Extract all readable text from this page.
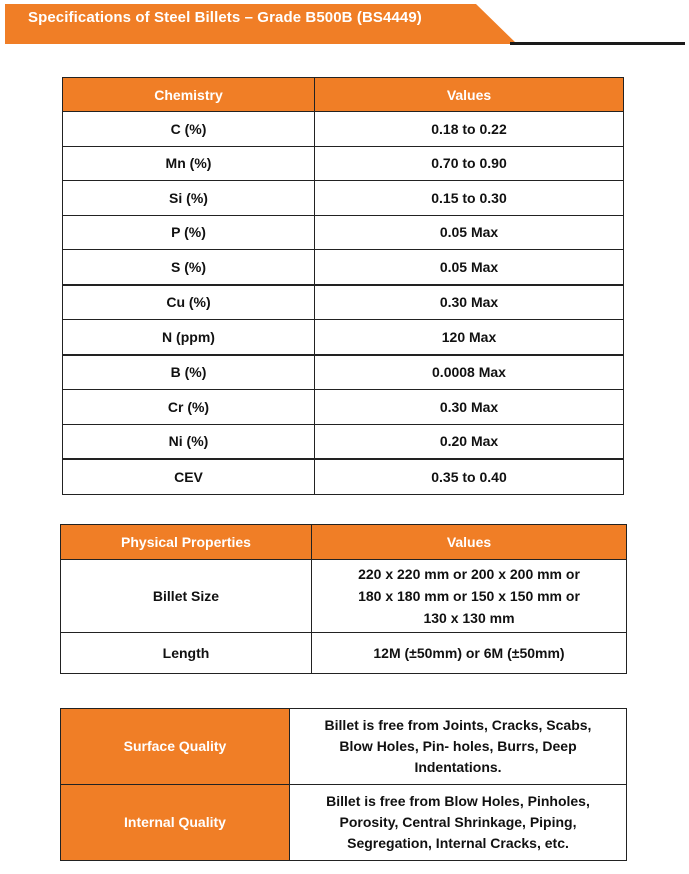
Specifications of Steel Billets – Grade B500B (BS4449)
Chemistry	Values
C (%)	0.18 to 0.22
Mn (%)	0.70 to 0.90
Si (%)	0.15 to 0.30
P (%)	0.05 Max
S (%)	0.05 Max
Cu (%)	0.30 Max
N (ppm)	120 Max
B (%)	0.0008 Max
Cr (%)	0.30 Max
Ni (%)	0.20 Max
CEV	0.35 to 0.40
Physical Properties	Values
Billet Size	220 x 220 mm or 200 x 200 mm or
180 x 180 mm or 150 x 150 mm or
130 x 130 mm

Length	12M (±50mm) or 6M (±50mm)
Surface Quality	Billet is free from Joints, Cracks, Scabs,
Blow Holes, Pin- holes, Burrs, Deep
Indentations.

Internal Quality	Billet is free from Blow Holes, Pinholes,
Porosity, Central Shrinkage, Piping,
Segregation, Internal Cracks, etc.
